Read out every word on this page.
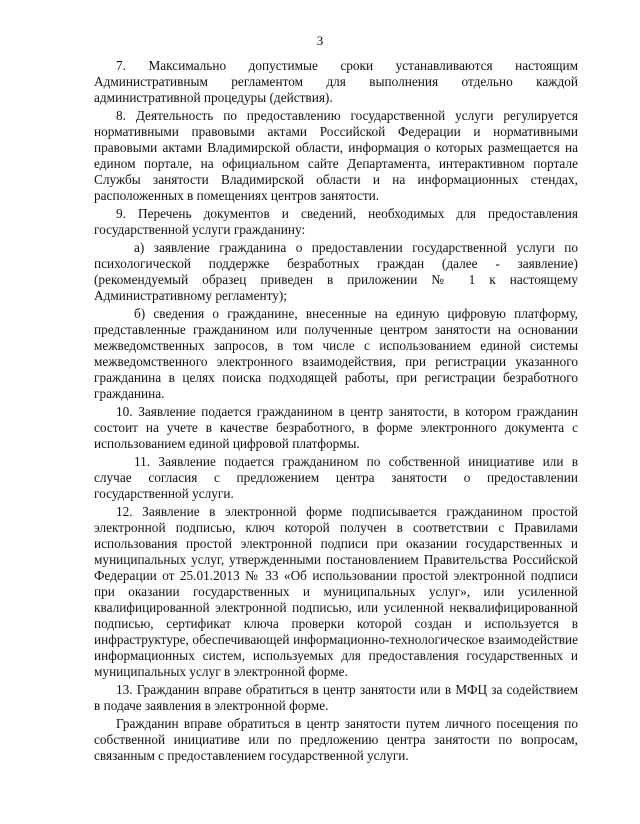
3

7. Максимально допустимые сроки устанавливаются настоящим Административным регламентом для выполнения отдельно каждой административной процедуры (действия).

8. Деятельность по предоставлению государственной услуги регулируется нормативными правовыми актами Российской Федерации и нормативными правовыми актами Владимирской области, информация о которых размещается на едином портале, на официальном сайте Департамента, интерактивном портале Службы занятости Владимирской области и на информационных стендах, расположенных в помещениях центров занятости.

9. Перечень документов и сведений, необходимых для предоставления государственной услуги гражданину:

а) заявление гражданина о предоставлении государственной услуги по психологической поддержке безработных граждан (далее - заявление) (рекомендуемый образец приведен в приложении № 1 к настоящему Административному регламенту);

б) сведения о гражданине, внесенные на единую цифровую платформу, представленные гражданином или полученные центром занятости на основании межведомственных запросов, в том числе с использованием единой системы межведомственного электронного взаимодействия, при регистрации указанного гражданина в целях поиска подходящей работы, при регистрации безработного гражданина.

10. Заявление подается гражданином в центр занятости, в котором гражданин состоит на учете в качестве безработного, в форме электронного документа с использованием единой цифровой платформы.

11. Заявление подается гражданином по собственной инициативе или в случае согласия с предложением центра занятости о предоставлении государственной услуги.

12. Заявление в электронной форме подписывается гражданином простой электронной подписью, ключ которой получен в соответствии с Правилами использования простой электронной подписи при оказании государственных и муниципальных услуг, утвержденными постановлением Правительства Российской Федерации от 25.01.2013 № 33 «Об использовании простой электронной подписи при оказании государственных и муниципальных услуг», или усиленной квалифицированной электронной подписью, или усиленной неквалифицированной подписью, сертификат ключа проверки которой создан и используется в инфраструктуре, обеспечивающей информационно-технологическое взаимодействие информационных систем, используемых для предоставления государственных и муниципальных услуг в электронной форме.

13. Гражданин вправе обратиться в центр занятости или в МФЦ за содействием в подаче заявления в электронной форме.

Гражданин вправе обратиться в центр занятости путем личного посещения по собственной инициативе или по предложению центра занятости по вопросам, связанным с предоставлением государственной услуги.
